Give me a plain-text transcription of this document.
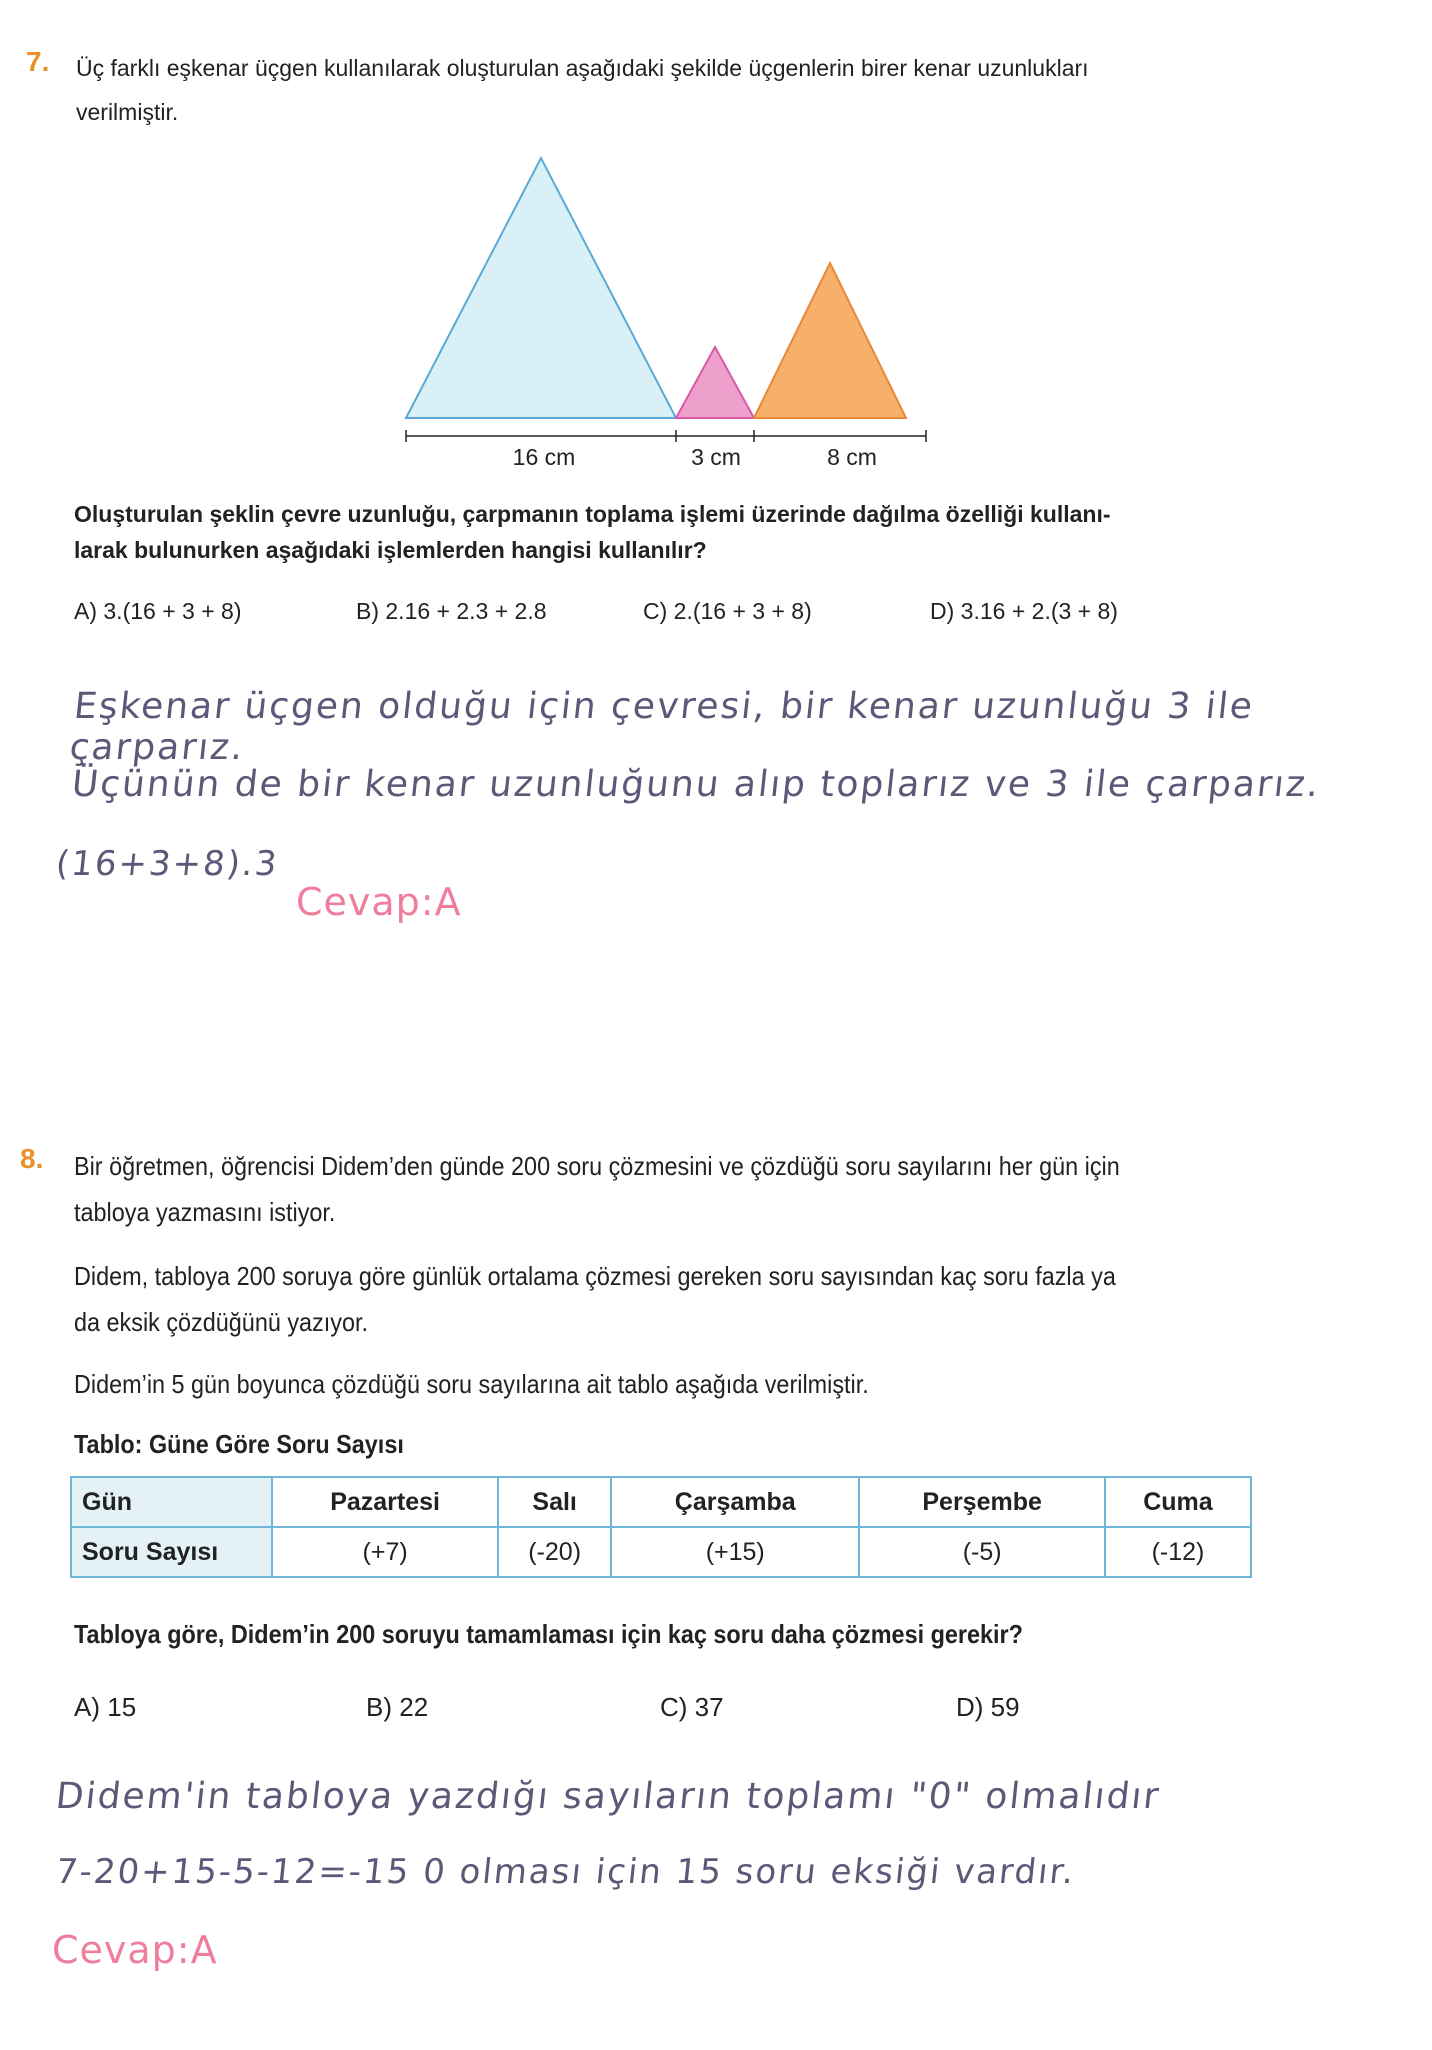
7. Üç farklı eşkenar üçgen kullanılarak oluşturulan aşağıdaki şekilde üçgenlerin birer kenar uzunlukları
verilmiştir.
16 cm	3 cm	8 cm
Oluşturulan şeklin çevre uzunluğu, çarpmanın toplama işlemi üzerinde dağılma özelliği kullanı-
larak bulunurken aşağıdaki işlemlerden hangisi kullanılır?
A) 3.(16 + 3 + 8)	B) 2.16 + 2.3 + 2.8	C) 2.(16 + 3 + 8)	D) 3.16 + 2.(3 + 8)
Eşkenar üçgen olduğu için çevresi, bir kenar uzunluğu 3 ile çarparız.
Üçünün de bir kenar uzunluğunu alıp toplarız ve 3 ile çarparız.
(16+3+8).3
Cevap:A
8. Bir öğretmen, öğrencisi Didem’den günde 200 soru çözmesini ve çözdüğü soru sayılarını her gün için
tabloya yazmasını istiyor.
Didem, tabloya 200 soruya göre günlük ortalama çözmesi gereken soru sayısından kaç soru fazla ya
da eksik çözdüğünü yazıyor.
Didem’in 5 gün boyunca çözdüğü soru sayılarına ait tablo aşağıda verilmiştir.
Tablo: Güne Göre Soru Sayısı
Gün	Pazartesi	Salı	Çarşamba	Perşembe	Cuma
Soru Sayısı	(+7)	(-20)	(+15)	(-5)	(-12)
Tabloya göre, Didem’in 200 soruyu tamamlaması için kaç soru daha çözmesi gerekir?
A) 15	B) 22	C) 37	D) 59
Didem'in tabloya yazdığı sayıların toplamı "0" olmalıdır
7-20+15-5-12=-15 0 olması için 15 soru eksiği vardır.
Cevap:A
